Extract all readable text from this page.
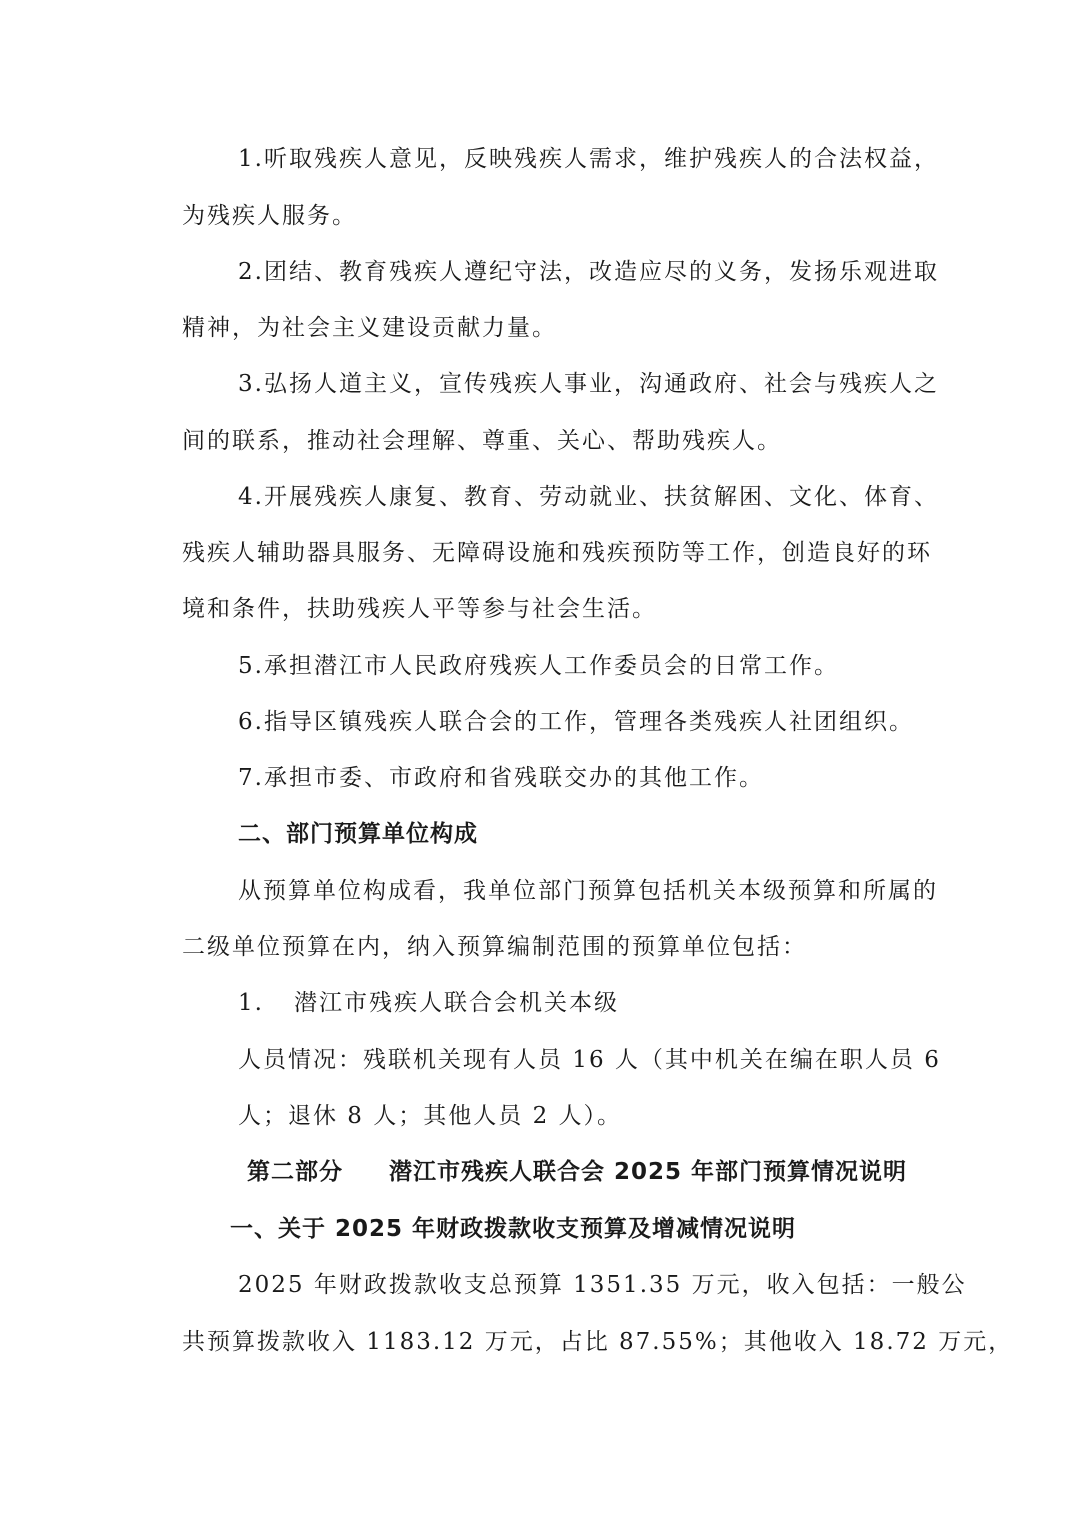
1.听取残疾人意见，反映残疾人需求，维护残疾人的合法权益，
为残疾人服务。
2.团结、教育残疾人遵纪守法，改造应尽的义务，发扬乐观进取
精神，为社会主义建设贡献力量。
3.弘扬人道主义，宣传残疾人事业，沟通政府、社会与残疾人之
间的联系，推动社会理解、尊重、关心、帮助残疾人。
4.开展残疾人康复、教育、劳动就业、扶贫解困、文化、体育、
残疾人辅助器具服务、无障碍设施和残疾预防等工作，创造良好的环
境和条件，扶助残疾人平等参与社会生活。
5.承担潜江市人民政府残疾人工作委员会的日常工作。
6.指导区镇残疾人联合会的工作，管理各类残疾人社团组织。
7.承担市委、市政府和省残联交办的其他工作。
二、部门预算单位构成
从预算单位构成看，我单位部门预算包括机关本级预算和所属的
二级单位预算在内，纳入预算编制范围的预算单位包括：
1. 潜江市残疾人联合会机关本级
人员情况：残联机关现有人员 16 人（其中机关在编在职人员 6
人；退休 8 人；其他人员 2 人）。
第二部分 潜江市残疾人联合会 2025 年部门预算情况说明
一、关于 2025 年财政拨款收支预算及增减情况说明
2025 年财政拨款收支总预算 1351.35 万元，收入包括：一般公
共预算拨款收入 1183.12 万元，占比 87.55%；其他收入 18.72 万元，
